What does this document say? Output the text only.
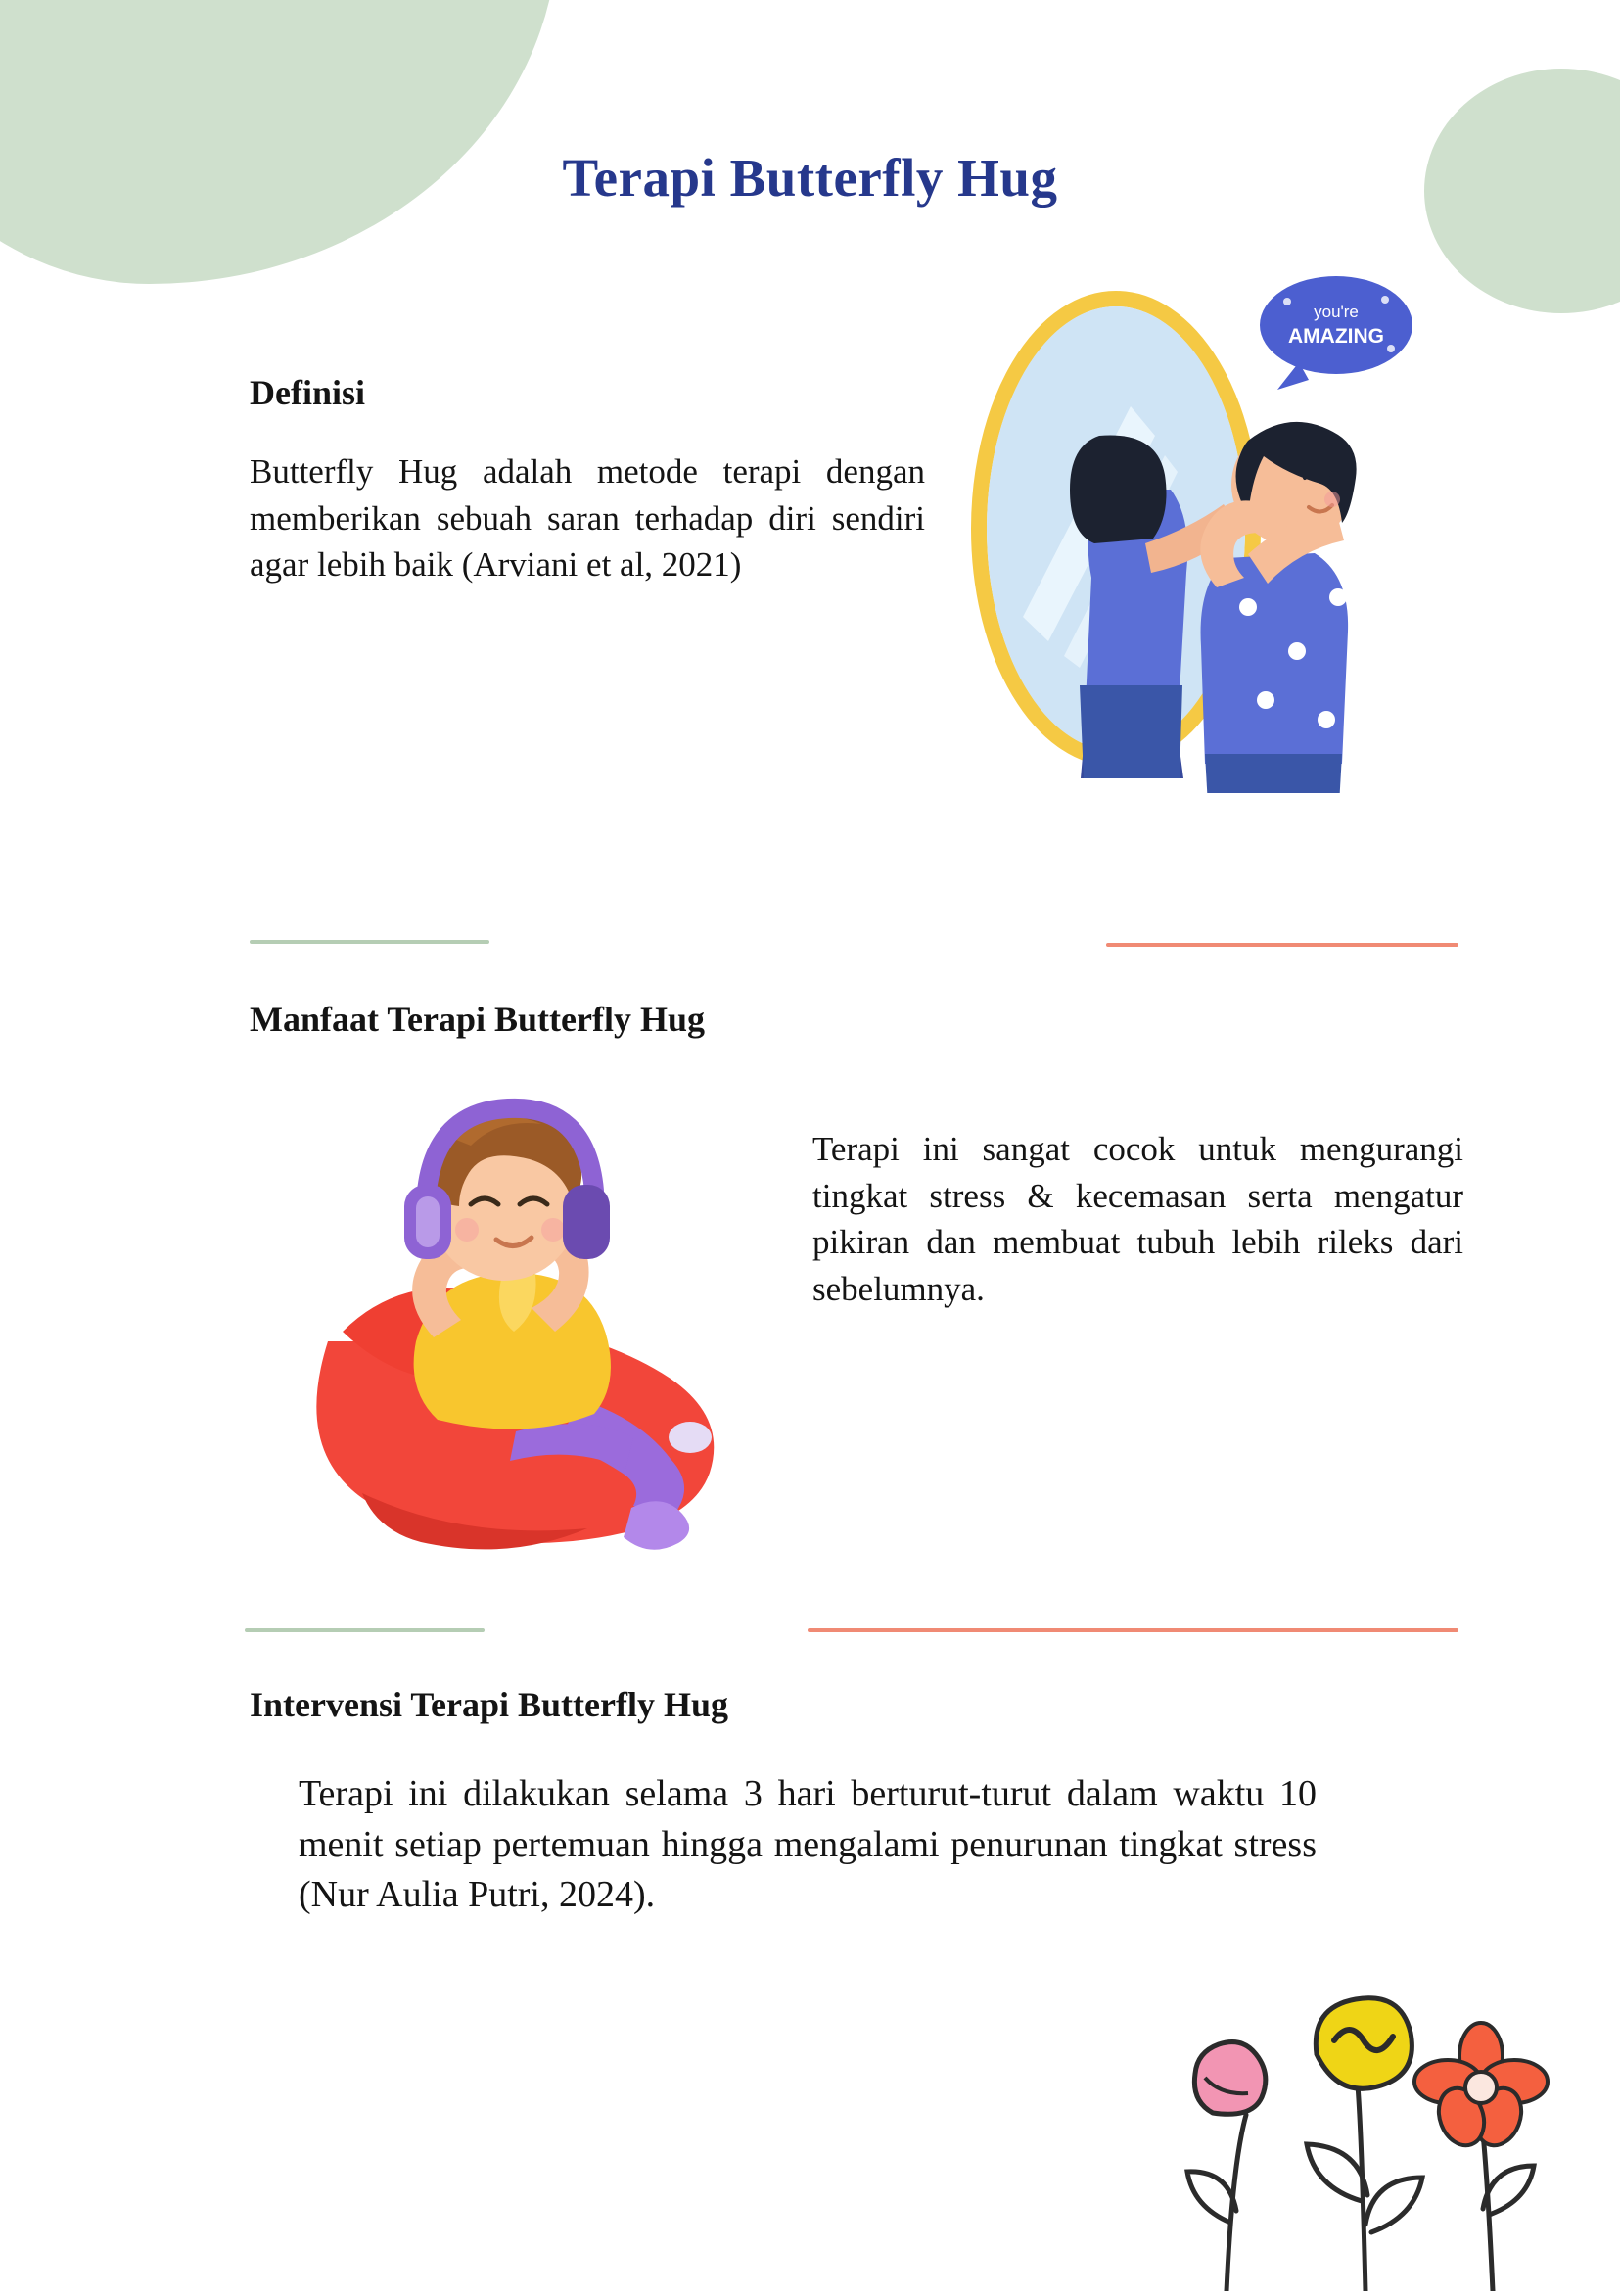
Terapi Butterfly Hug

Definisi

Butterfly Hug adalah metode terapi dengan memberikan sebuah saran terhadap diri sendiri agar lebih baik (Arviani et al, 2021)

you're
AMAZING

Manfaat Terapi Butterfly Hug

Terapi ini sangat cocok untuk mengurangi tingkat stress & kecemasan serta mengatur pikiran dan membuat tubuh lebih rileks dari sebelumnya.

Intervensi Terapi Butterfly Hug

Terapi ini dilakukan selama 3 hari berturut-turut dalam waktu 10 menit setiap pertemuan hingga mengalami penurunan tingkat stress (Nur Aulia Putri, 2024).
